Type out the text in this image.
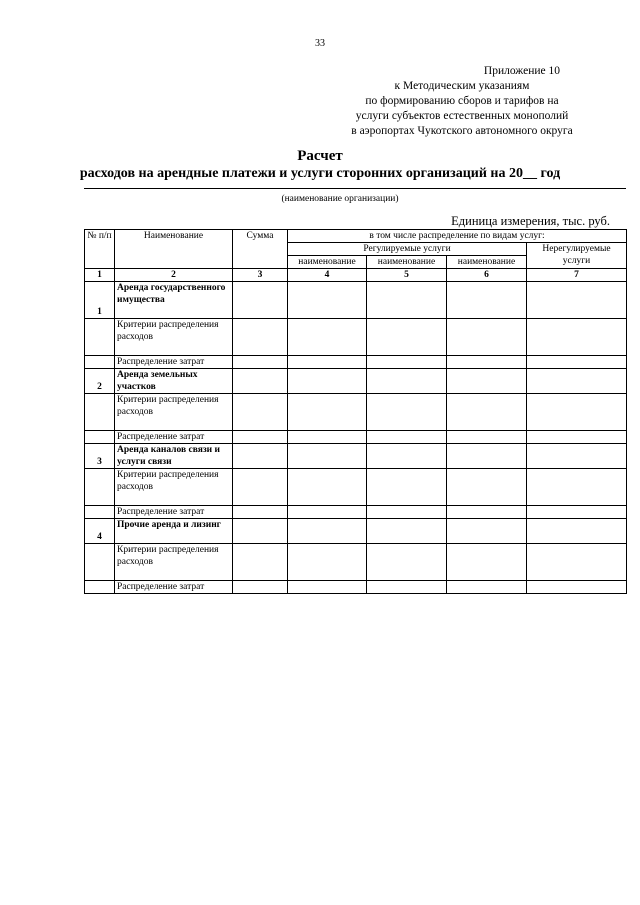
33
Приложение 10
к Методическим указаниям
по формированию сборов и тарифов на
услуги субъектов естественных монополий
в аэропортах Чукотского автономного округа
Расчет
расходов на арендные платежи и услуги сторонних организаций на 20__ год
(наименование организации)
Единица измерения, тыс. руб.
№ п/п	Наименование	Сумма	в том числе распределение по видам услуг:			
			Регулируемые услуги			Нерегулируемые услуги
			наименование	наименование	наименование	
1	2	3	4	5	6	7
1	Аренда государственного имущества					
	Критерии распределения расходов					
	Распределение затрат					
2	Аренда земельных участков					
	Критерии распределения расходов					
	Распределение затрат					
3	Аренда каналов связи и услуги связи					
	Критерии распределения расходов					
	Распределение затрат					
4	Прочие аренда и лизинг					
	Критерии распределения расходов					
	Распределение затрат					
